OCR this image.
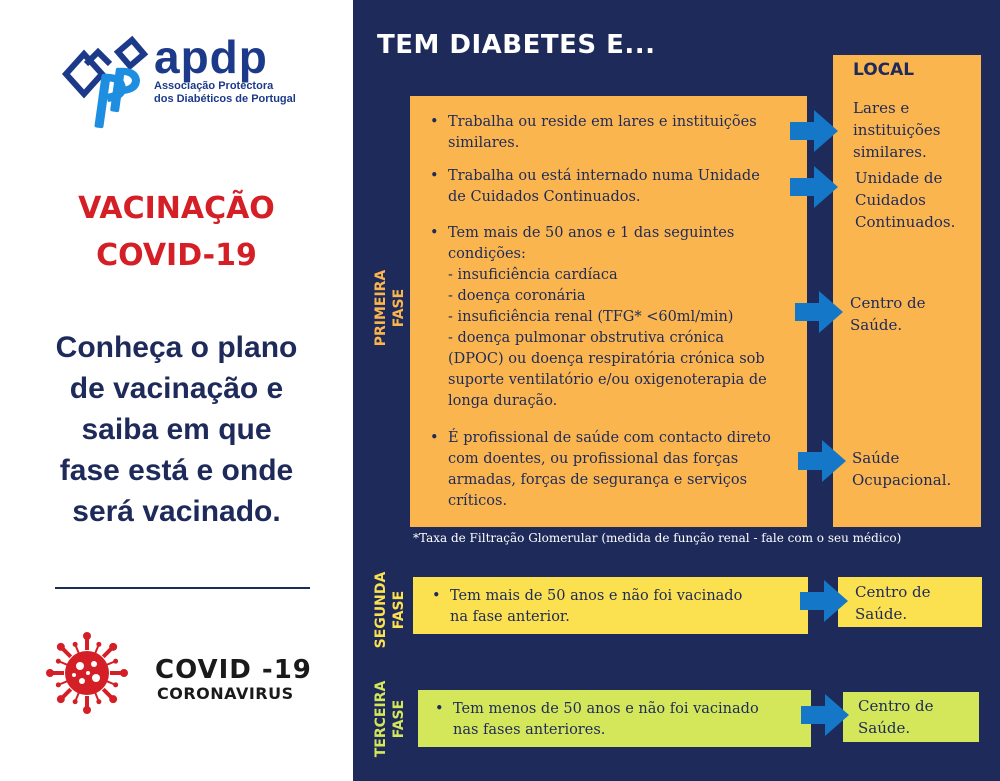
apdp
Associação Protectora
dos Diabéticos de Portugal
VACINAÇÃO
COVID-19
Conheça o plano
de vacinação e
saiba em que
fase está e onde
será vacinado.
COVID -19
CORONAVIRUS
TEM DIABETES E...
LOCAL
PRIMEIRA FASE
SEGUNDA FASE
TERCEIRA FASE
• Trabalha ou reside em lares e instituições
similares.
• Trabalha ou está internado numa Unidade
de Cuidados Continuados.
• Tem mais de 50 anos e 1 das seguintes
condições:
- insuficiência cardíaca
- doença coronária
- insuficiência renal (TFG* <60ml/min)
- doença pulmonar obstrutiva crónica
(DPOC) ou doença respiratória crónica sob
suporte ventilatório e/ou oxigenoterapia de
longa duração.
• É profissional de saúde com contacto direto
com doentes, ou profissional das forças
armadas, forças de segurança e serviços
críticos.
Lares e
instituições
similares.
Unidade de
Cuidados
Continuados.
Centro de
Saúde.
Saúde
Ocupacional.
*Taxa de Filtração Glomerular (medida de função renal - fale com o seu médico)
• Tem mais de 50 anos e não foi vacinado
na fase anterior.
Centro de
Saúde.
• Tem menos de 50 anos e não foi vacinado
nas fases anteriores.
Centro de
Saúde.
